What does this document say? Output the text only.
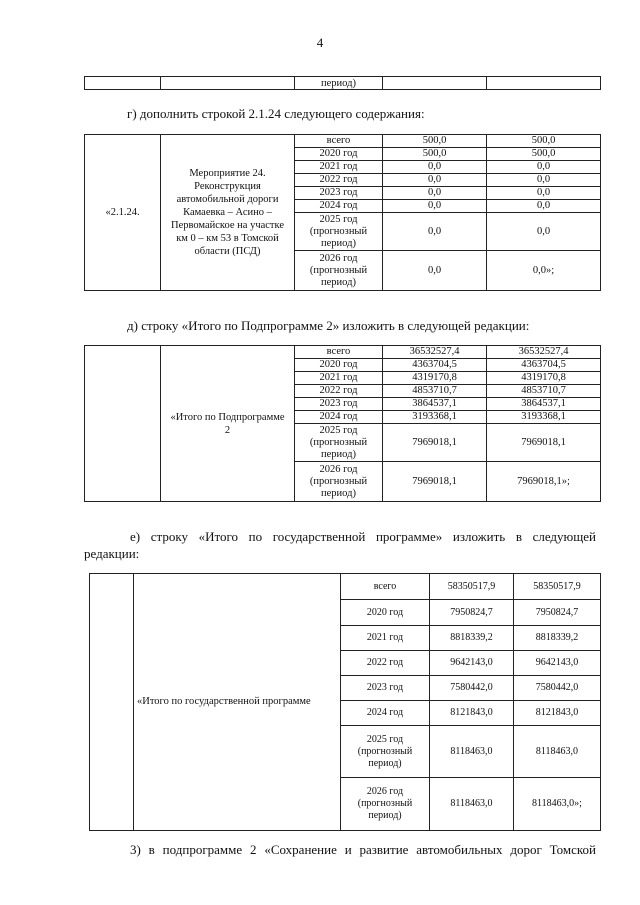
4
		период)		
г) дополнить строкой 2.1.24 следующего содержания:
«2.1.24.	Мероприятие 24. Реконструкция автомобильной дороги Камаевка – Асино – Первомайское на участке км 0 – км 53 в Томской области (ПСД)	всего	500,0	500,0
		2020 год	500,0	500,0
		2021 год	0,0	0,0
		2022 год	0,0	0,0
		2023 год	0,0	0,0
		2024 год	0,0	0,0
		2025 год (прогнозный период)	0,0	0,0
		2026 год (прогнозный период)	0,0	0,0»;
д) строку «Итого по Подпрограмме 2» изложить в следующей редакции:
	«Итого по Подпрограмме 2	всего	36532527,4	36532527,4
		2020 год	4363704,5	4363704,5
		2021 год	4319170,8	4319170,8
		2022 год	4853710,7	4853710,7
		2023 год	3864537,1	3864537,1
		2024 год	3193368,1	3193368,1
		2025 год (прогнозный период)	7969018,1	7969018,1
		2026 год (прогнозный период)	7969018,1	7969018,1»;
е) строку «Итого по государственной программе» изложить в следующей
редакции:
	«Итого по государственной программе	всего	58350517,9	58350517,9
		2020 год	7950824,7	7950824,7
		2021 год	8818339,2	8818339,2
		2022 год	9642143,0	9642143,0
		2023 год	7580442,0	7580442,0
		2024 год	8121843,0	8121843,0
		2025 год (прогнозный период)	8118463,0	8118463,0
		2026 год (прогнозный период)	8118463,0	8118463,0»;
3) в подпрограмме 2 «Сохранение и развитие автомобильных дорог Томской
